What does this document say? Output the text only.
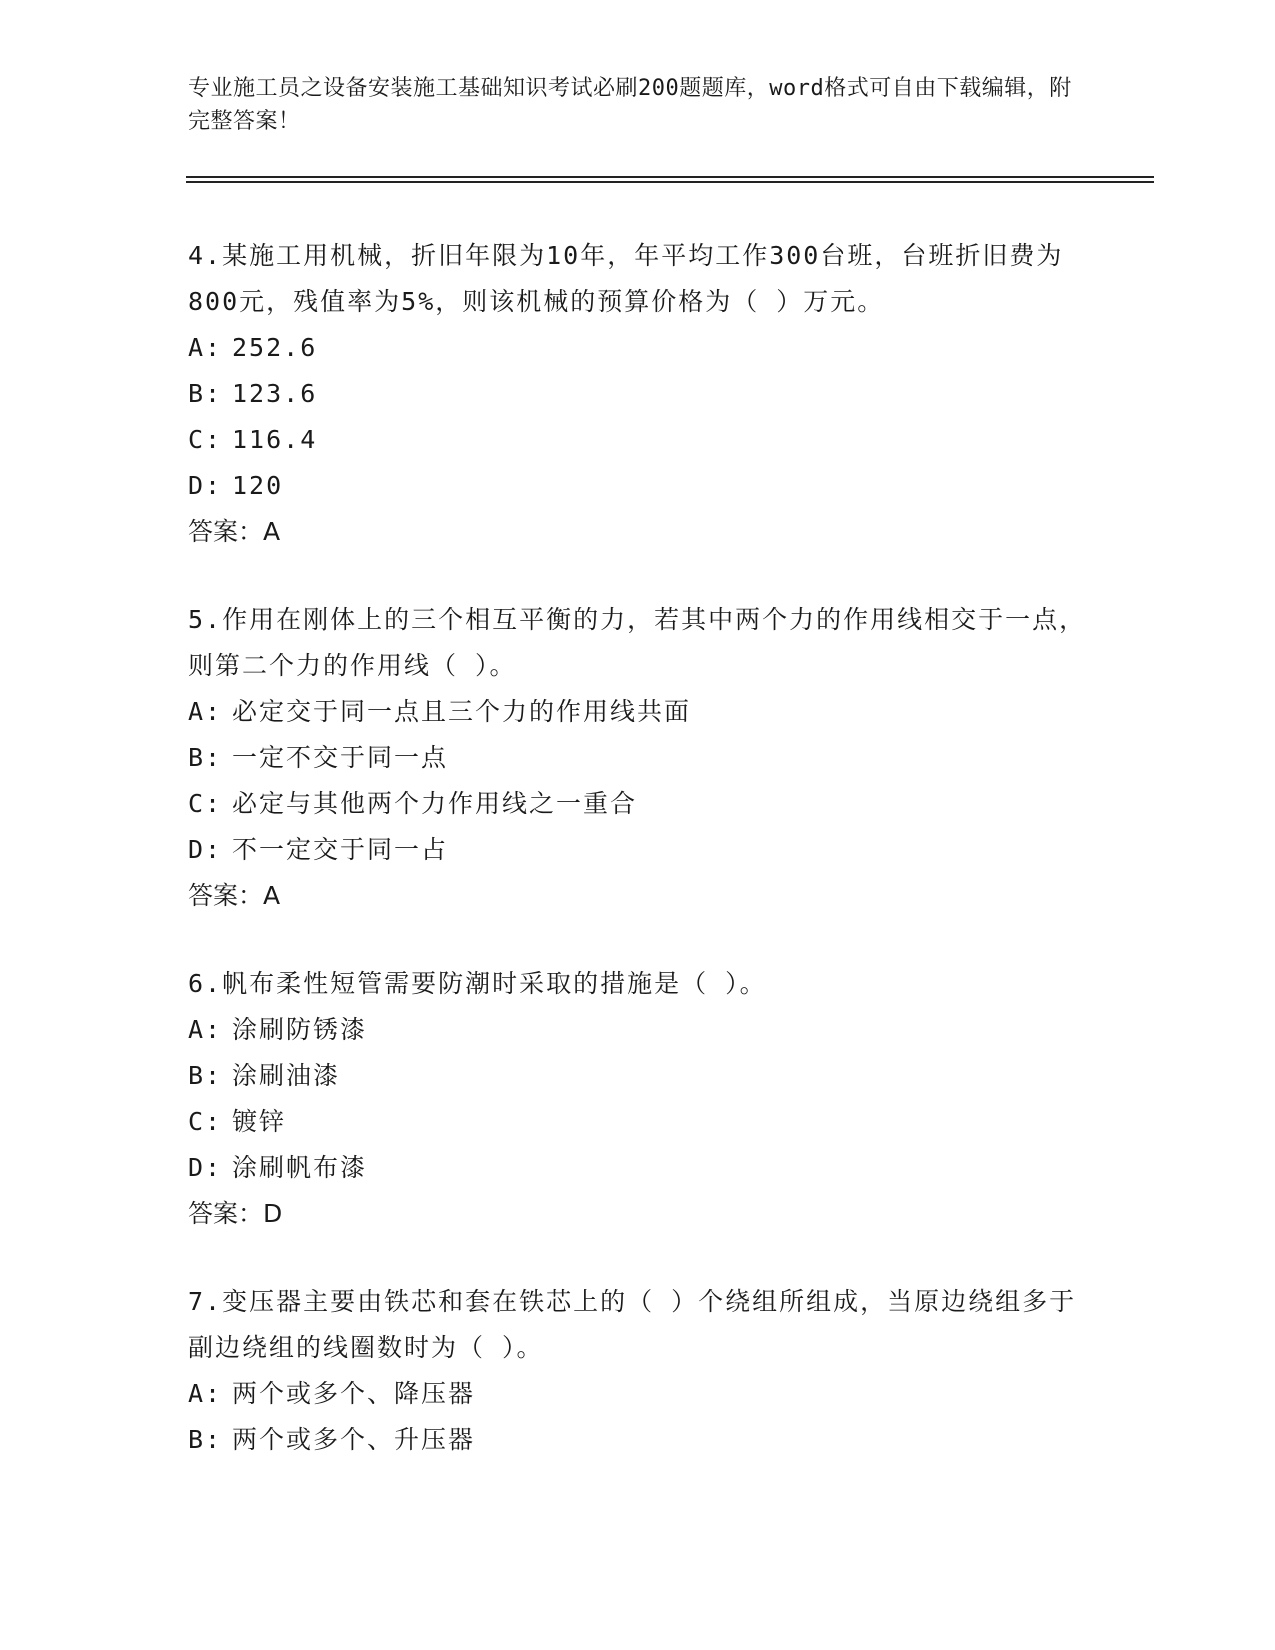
专业施工员之设备安装施工基础知识考试必刷200题题库，word格式可自由下载编辑，附完整答案！
4.某施工用机械，折旧年限为10年，年平均工作300台班，台班折旧费为800元，残值率为5%，则该机械的预算价格为（ ）万元。
A: 252.6
B: 123.6
C: 116.4
D: 120
答案：A
5.作用在刚体上的三个相互平衡的力，若其中两个力的作用线相交于一点，则第二个力的作用线（ ）。
A: 必定交于同一点且三个力的作用线共面
B: 一定不交于同一点
C: 必定与其他两个力作用线之一重合
D: 不一定交于同一占
答案：A
6.帆布柔性短管需要防潮时采取的措施是（ ）。
A: 涂刷防锈漆
B: 涂刷油漆
C: 镀锌
D: 涂刷帆布漆
答案：D
7.变压器主要由铁芯和套在铁芯上的（ ）个绕组所组成，当原边绕组多于副边绕组的线圈数时为（ ）。
A: 两个或多个、降压器
B: 两个或多个、升压器
